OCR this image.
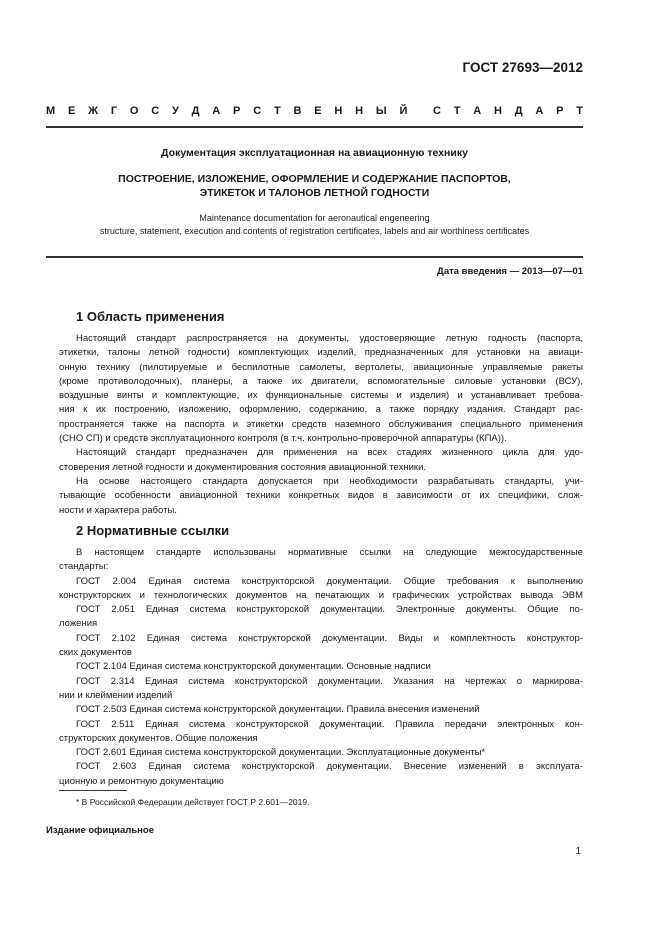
ГОСТ 27693—2012
М Е Ж Г О С У Д А Р С Т В Е Н Н Ы Й С Т А Н Д А Р Т
Документация эксплуатационная на авиационную технику
ПОСТРОЕНИЕ, ИЗЛОЖЕНИЕ, ОФОРМЛЕНИЕ И СОДЕРЖАНИЕ ПАСПОРТОВ,
ЭТИКЕТОК И ТАЛОНОВ ЛЕТНОЙ ГОДНОСТИ
Maintenance documentation for aeronautical engeneering
structure, statement, execution and contents of registration certificates, labels and air worthiness certificates
Дата введения — 2013—07—01
1 Область применения
Настоящий стандарт распространяется на документы, удостоверяющие летную годность (паспорта,
этикетки, талоны летной годности) комплектующих изделий, предназначенных для установки на авиаци-
онную технику (пилотируемые и беспилотные самолеты, вертолеты, авиационные управляемые ракеты
(кроме противолодочных), планеры, а также их двигатели, вспомогательные силовые установки (ВСУ),
воздушные винты и комплектующие, их функциональные системы и изделия) и устанавливает требова-
ния к их построению, изложению, оформлению, содержанию, а также порядку издания. Стандарт рас-
пространяется также на паспорта и этикетки средств наземного обслуживания специального применения
(СНО СП) и средств эксплуатационного контроля (в т.ч. контрольно-проверочной аппаратуры (КПА)).
Настоящий стандарт предназначен для применения на всех стадиях жизненного цикла для удо-
стоверения летной годности и документирования состояния авиационной техники.
На основе настоящего стандарта допускается при необходимости разрабатывать стандарты, учи-
тывающие особенности авиационной техники конкретных видов в зависимости от их специфики, слож-
ности и характера работы.
2 Нормативные ссылки
В настоящем стандарте использованы нормативные ссылки на следующие межгосударственные
стандарты:
ГОСТ 2.004 Единая система конструкторской документации. Общие требования к выполнению
конструкторских и технологических документов на печатающих и графических устройствах вывода ЭВМ
ГОСТ 2.051 Единая система конструкторской документации. Электронные документы. Общие по-
ложения
ГОСТ 2.102 Единая система конструкторской документации. Виды и комплектность конструктор-
ских документов
ГОСТ 2.104 Единая система конструкторской документации. Основные надписи
ГОСТ 2.314 Единая система конструкторской документации. Указания на чертежах о маркирова-
нии и клеймении изделий
ГОСТ 2.503 Единая система конструкторской документации. Правила внесения изменений
ГОСТ 2.511 Единая система конструкторской документации. Правила передачи электронных кон-
структорских документов. Общие положения
ГОСТ 2.601 Единая система конструкторской документации. Эксплуатационные документы*
ГОСТ 2.603 Единая система конструкторской документации. Внесение изменений в эксплуата-
ционную и ремонтную документацию
* В Российской Федерации действует ГОСТ Р 2.601—2019.
Издание официальное
1
